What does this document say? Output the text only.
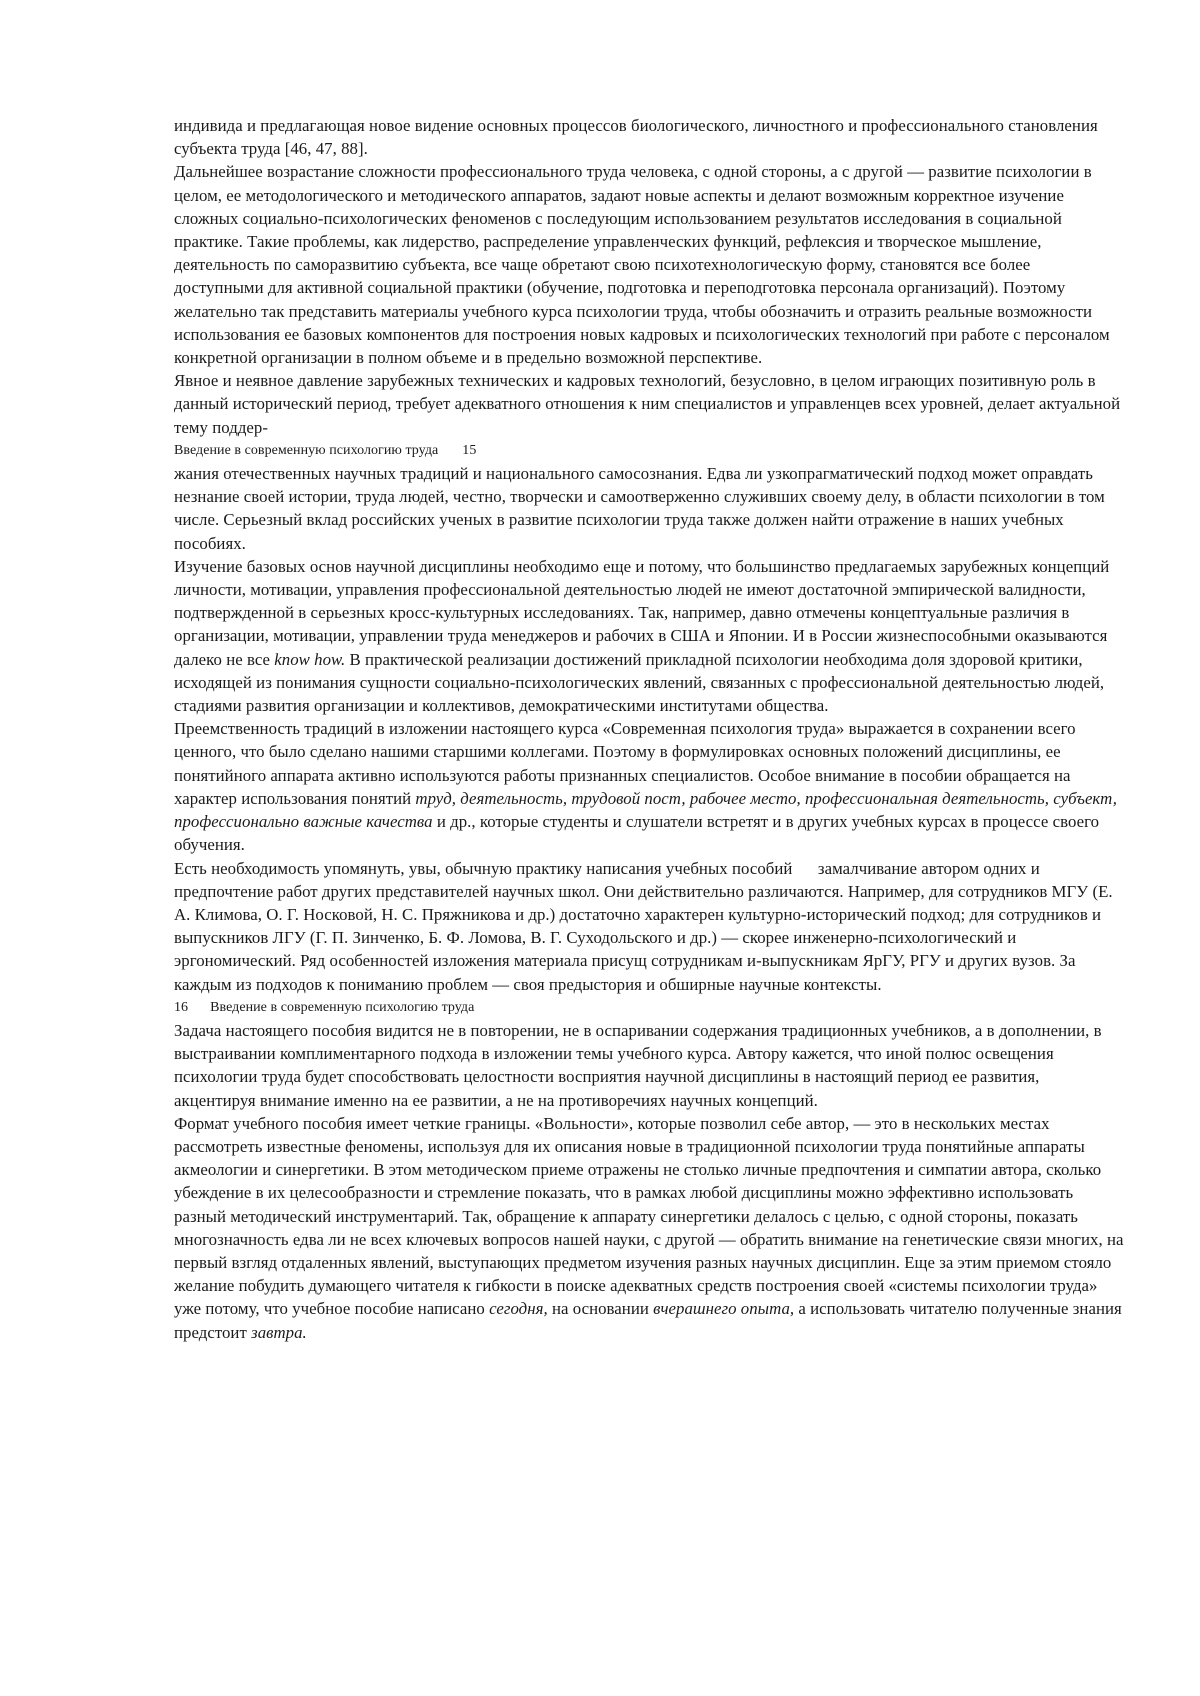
индивида и предлагающая новое видение основных процессов биологического, личностного и профессионального становления субъекта труда [46, 47, 88].

Дальнейшее возрастание сложности профессионального труда человека, с одной стороны, а с другой — развитие психологии в целом, ее методологического и методического аппаратов, задают новые аспекты и делают возможным корректное изучение сложных социально-психологических феноменов с последующим использованием результатов исследования в социальной практике. Такие проблемы, как лидерство, распределение управленческих функций, рефлексия и творческое мышление, деятельность по саморазвитию субъекта, все чаще обретают свою психотехнологическую форму, становятся все более доступными для активной социальной практики (обучение, подготовка и переподготовка персонала организаций). Поэтому желательно так представить материалы учебного курса психологии труда, чтобы обозначить и отразить реальные возможности использования ее базовых компонентов для построения новых кадровых и психологических технологий при работе с персоналом конкретной организации в полном объеме и в предельно возможной перспективе.

Явное и неявное давление зарубежных технических и кадровых технологий, безусловно, в целом играющих позитивную роль в данный исторический период, требует адекватного отношения к ним специалистов и управленцев всех уровней, делает актуальной тему поддер-

Введение в современную психологию труда 15

жания отечественных научных традиций и национального самосознания. Едва ли узкопрагматический подход может оправдать незнание своей истории, труда людей, честно, творчески и самоотверженно служивших своему делу, в области психологии в том числе. Серьезный вклад российских ученых в развитие психологии труда также должен найти отражение в наших учебных пособиях.

Изучение базовых основ научной дисциплины необходимо еще и потому, что большинство предлагаемых зарубежных концепций личности, мотивации, управления профессиональной деятельностью людей не имеют достаточной эмпирической валидности, подтвержденной в серьезных кросс-культурных исследованиях. Так, например, давно отмечены концептуальные различия в организации, мотивации, управлении труда менеджеров и рабочих в США и Японии. И в России жизнеспособными оказываются далеко не все know how. В практической реализации достижений прикладной психологии необходима доля здоровой критики, исходящей из понимания сущности социально-психологических явлений, связанных с профессиональной деятельностью людей, стадиями развития организации и коллективов, демократическими институтами общества.

Преемственность традиций в изложении настоящего курса «Современная психология труда» выражается в сохранении всего ценного, что было сделано нашими старшими коллегами. Поэтому в формулировках основных положений дисциплины, ее понятийного аппарата активно используются работы признанных специалистов. Особое внимание в пособии обращается на характер использования понятий труд, деятельность, трудовой пост, рабочее место, профессиональная деятельность, субъект, профессионально важные качества и др., которые студенты и слушатели встретят и в других учебных курсах в процессе своего обучения.

Есть необходимость упомянуть, увы, обычную практику написания учебных пособий      замалчивание автором одних и предпочтение работ других представителей научных школ. Они действительно различаются. Например, для сотрудников МГУ (Е. А. Климова, О. Г. Носковой, Н. С. Пряжникова и др.) достаточно характерен культурно-исторический подход; для сотрудников и выпускников ЛГУ (Г. П. Зинченко, Б. Ф. Ломова, В. Г. Суходольского и др.) — скорее инженерно-психологический и эргономический. Ряд особенностей изложения материала присущ сотрудникам и-выпускникам ЯрГУ, РГУ и других вузов. За каждым из подходов к пониманию проблем — своя предыстория и обширные научные контексты.

16 Введение в современную психологию труда

Задача настоящего пособия видится не в повторении, не в оспаривании содержания традиционных учебников, а в дополнении, в выстраивании комплиментарного подхода в изложении темы учебного курса. Автору кажется, что иной полюс освещения психологии труда будет способствовать целостности восприятия научной дисциплины в настоящий период ее развития, акцентируя внимание именно на ее развитии, а не на противоречиях научных концепций.

Формат учебного пособия имеет четкие границы. «Вольности», которые позволил себе автор, — это в нескольких местах рассмотреть известные феномены, используя для их описания новые в традиционной психологии труда понятийные аппараты акмеологии и синергетики. В этом методическом приеме отражены не столько личные предпочтения и симпатии автора, сколько убеждение в их целесообразности и стремление показать, что в рамках любой дисциплины можно эффективно использовать разный методический инструментарий. Так, обращение к аппарату синергетики делалось с целью, с одной стороны, показать многозначность едва ли не всех ключевых вопросов нашей науки, с другой — обратить внимание на генетические связи многих, на первый взгляд отдаленных явлений, выступающих предметом изучения разных научных дисциплин. Еще за этим приемом стояло желание побудить думающего читателя к гибкости в поиске адекватных средств построения своей «системы психологии труда» уже потому, что учебное пособие написано сегодня, на основании вчерашнего опыта, а использовать читателю полученные знания предстоит завтра.
